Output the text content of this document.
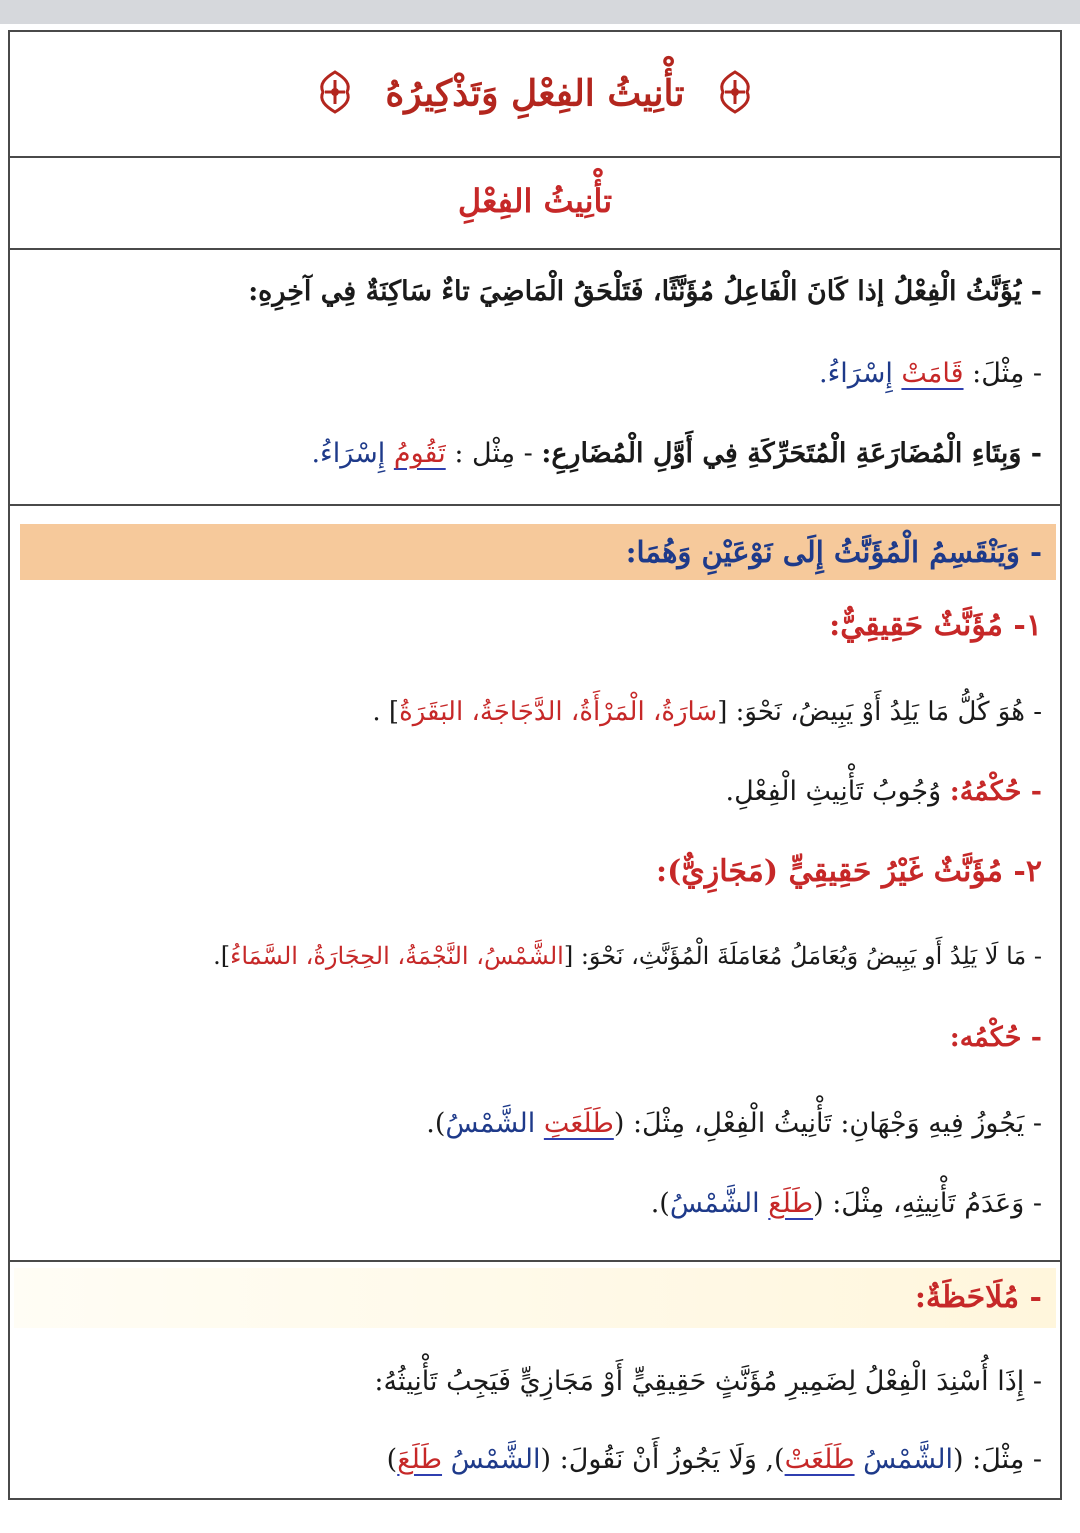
تأْنِيثُ الفِعْلِ وَتَذْكِيرُهُ
تأْنِيثُ الفِعْلِ
- يُؤَنَّثُ الْفِعْلُ إذا كَانَ الْفَاعِلُ مُؤَنَّثًا، فَتَلْحَقُ الْمَاضِيَ تاءٌ سَاكِنَةٌ فِي آخِرِهِ:
- مِثْلَ: قَامَتْ إِسْرَاءُ.
- وَبِتَاءِ الْمُضَارَعَةِ الْمُتَحَرِّكَةِ فِي أَوَّلِ الْمُضَارِعِ: - مِثْل : تَقُومُ إِسْرَاءُ.
- وَيَنْقَسِمُ الْمُؤَنَّثُ إِلَى نَوْعَيْنِ وَهُمَا:
١- مُؤَنَّثٌ حَقِيقِيٌّ:
- هُوَ كُلُّ مَا يَلِدُ أَوْ يَبِيضُ، نَحْوَ: [سَارَةُ، الْمَرْأَةُ، الدَّجَاجَةُ، البَقَرَةُ] .
- حُكْمُهُ: وُجُوبُ تَأْنِيثِ الْفِعْلِ.
٢- مُؤَنَّثٌ غَيْرُ حَقِيقِيٍّ (مَجَازِيٌّ):
- مَا لَا يَلِدُ أَو يَبِيضُ وَيُعَامَلُ مُعَامَلَةَ الْمُؤَنَّثِ، نَحْوَ: [الشَّمْسُ، النَّجْمَةُ، الحِجَارَةُ، السَّمَاءُ].
- حُكْمُه:
- يَجُوزُ فِيهِ وَجْهَانِ: تَأْنِيثُ الْفِعْلِ، مِثْلَ: (طَلَعَتِ الشَّمْسُ).
- وَعَدَمُ تَأْنِيثِهِ، مِثْلَ: (طَلَعَ الشَّمْسُ).
- مُلَاحَظَةٌ:
- إِذَا أُسْنِدَ الْفِعْلُ لِضَمِيرِ مُؤَنَّثٍ حَقِيقِيٍّ أَوْ مَجَازِيٍّ فَيَجِبُ تَأْنِيثُهُ:
- مِثْلَ: (الشَّمْسُ طَلَعَتْ), وَلَا يَجُوزُ أَنْ نَقُولَ: (الشَّمْسُ طَلَعَ)
